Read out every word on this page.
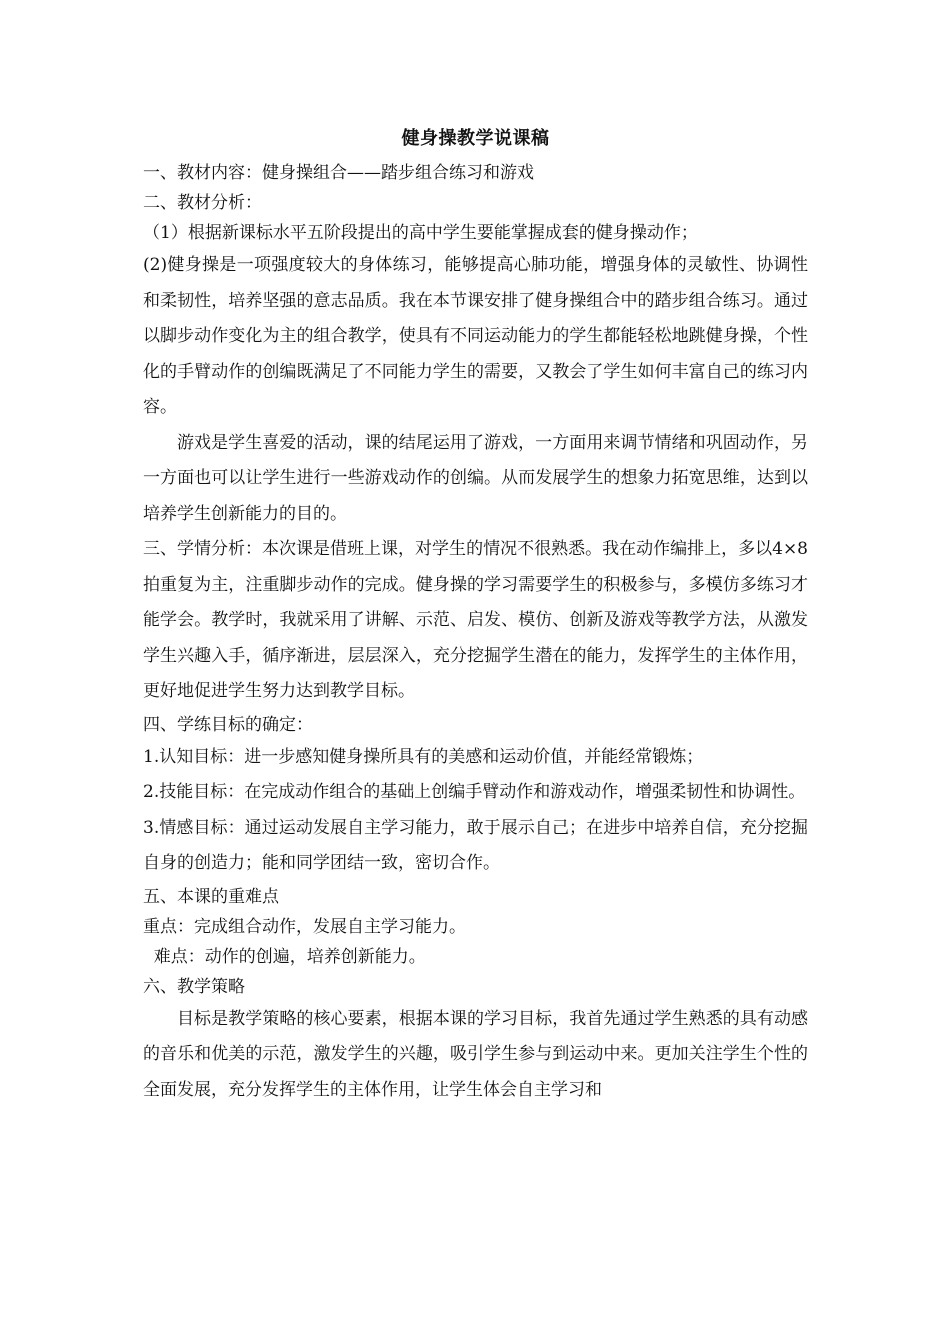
健身操教学说课稿

一、教材内容：健身操组合——踏步组合练习和游戏

二、教材分析：

（1）根据新课标水平五阶段提出的高中学生要能掌握成套的健身操动作；

(2)健身操是一项强度较大的身体练习，能够提高心肺功能，增强身体的灵敏性、协调性和柔韧性，培养坚强的意志品质。我在本节课安排了健身操组合中的踏步组合练习。通过以脚步动作变化为主的组合教学，使具有不同运动能力的学生都能轻松地跳健身操，个性化的手臂动作的创编既满足了不同能力学生的需要，又教会了学生如何丰富自己的练习内容。

游戏是学生喜爱的活动，课的结尾运用了游戏，一方面用来调节情绪和巩固动作，另一方面也可以让学生进行一些游戏动作的创编。从而发展学生的想象力拓宽思维，达到以培养学生创新能力的目的。

三、学情分析：本次课是借班上课，对学生的情况不很熟悉。我在动作编排上，多以4×8拍重复为主，注重脚步动作的完成。健身操的学习需要学生的积极参与，多模仿多练习才能学会。教学时，我就采用了讲解、示范、启发、模仿、创新及游戏等教学方法，从激发学生兴趣入手，循序渐进，层层深入，充分挖掘学生潜在的能力，发挥学生的主体作用，更好地促进学生努力达到教学目标。

四、学练目标的确定：

1.认知目标：进一步感知健身操所具有的美感和运动价值，并能经常锻炼；

2.技能目标：在完成动作组合的基础上创编手臂动作和游戏动作，增强柔韧性和协调性。

3.情感目标：通过运动发展自主学习能力，敢于展示自己；在进步中培养自信，充分挖掘自身的创造力；能和同学团结一致，密切合作。

五、本课的重难点

重点：完成组合动作，发展自主学习能力。

难点：动作的创遍，培养创新能力。

六、教学策略

目标是教学策略的核心要素，根据本课的学习目标，我首先通过学生熟悉的具有动感的音乐和优美的示范，激发学生的兴趣，吸引学生参与到运动中来。更加关注学生个性的全面发展，充分发挥学生的主体作用，让学生体会自主学习和
